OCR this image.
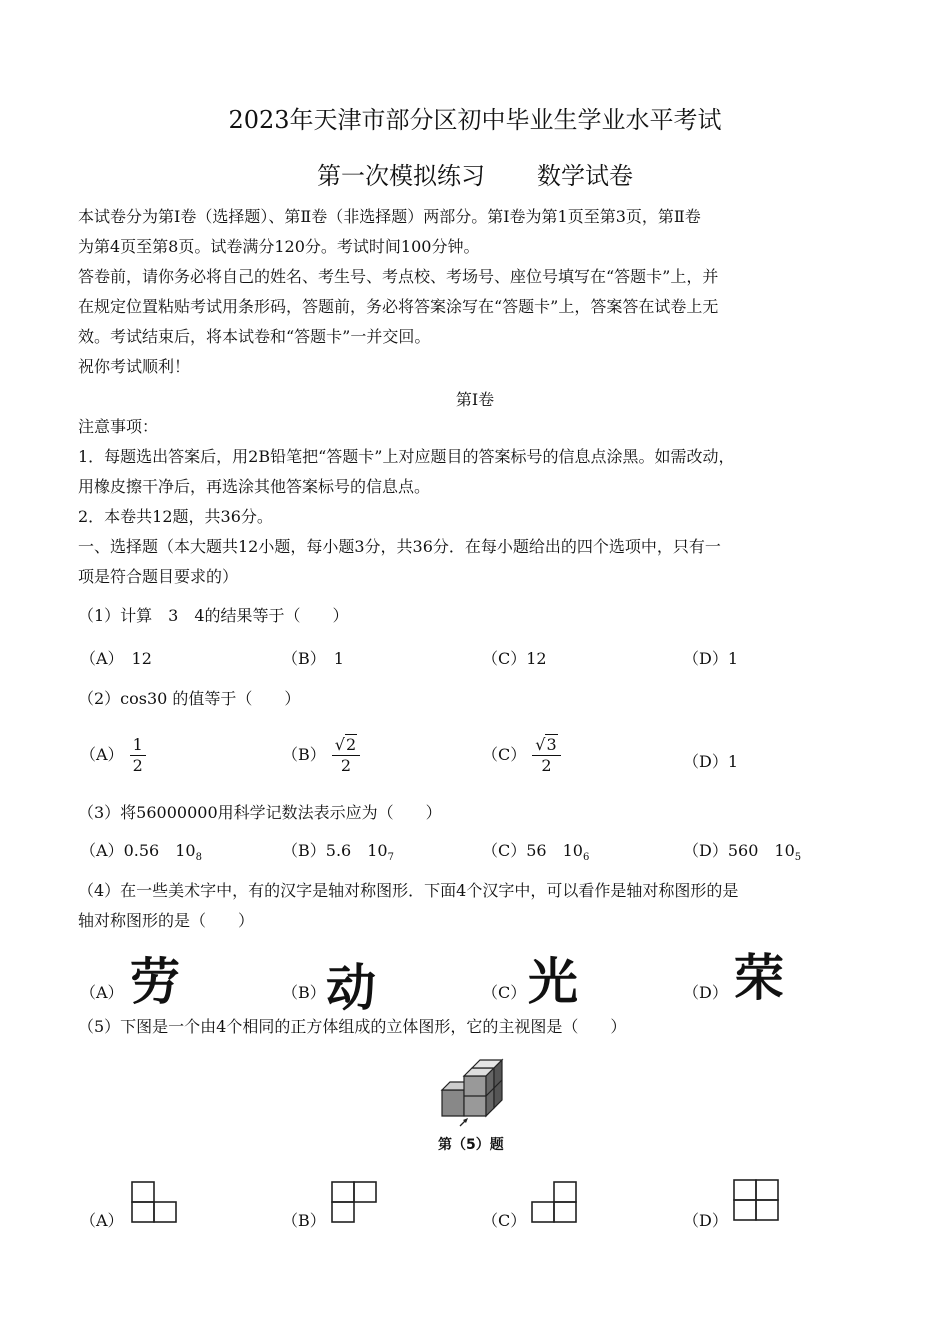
2023年天津市部分区初中毕业生学业水平考试
第一次模拟练习 数学试卷
本试卷分为第Ⅰ卷（选择题）、第Ⅱ卷（非选择题）两部分。第Ⅰ卷为第1页至第3页，第Ⅱ卷
为第4页至第8页。试卷满分120分。考试时间100分钟。
答卷前，请你务必将自己的姓名、考生号、考点校、考场号、座位号填写在“答题卡”上，并
在规定位置粘贴考试用条形码，答题前，务必将答案涂写在“答题卡”上，答案答在试卷上无
效。考试结束后，将本试卷和“答题卡”一并交回。
祝你考试顺利！
第Ⅰ卷
注意事项：
1．每题选出答案后，用2B铅笔把“答题卡”上对应题目的答案标号的信息点涂黑。如需改动，
用橡皮擦干净后，再选涂其他答案标号的信息点。
2．本卷共12题，共36分。
一、选择题（本大题共12小题，每小题3分，共36分．在每小题给出的四个选项中，只有一
项是符合题目要求的）
（1）计算　3　4的结果等于（　　）
（A）　12	（B）　1	（C）12	（D）1
（2）cos30 的值等于（　　）
$(A) \frac{1}{2}$	$(B) \frac{√2}{2}$	$(C) \frac{√3}{2}$	（D）1
（3）将56000000用科学记数法表示应为（　　）
（A）0.56　$10_8$	（B）5.6　$10_7$	（C）56　$10_6$	（D）560　$10_5$
（4）在一些美术字中，有的汉字是轴对称图形．下面4个汉字中，可以看作是轴对称图形的是
轴对称图形的是（　　）
（A） 劳	（B） 动	（C） 光	（D） 荣
（5）下图是一个由4个相同的正方体组成的立体图形，它的主视图是（　　）
第（5）题
（A）	（B）	（C）	（D）
